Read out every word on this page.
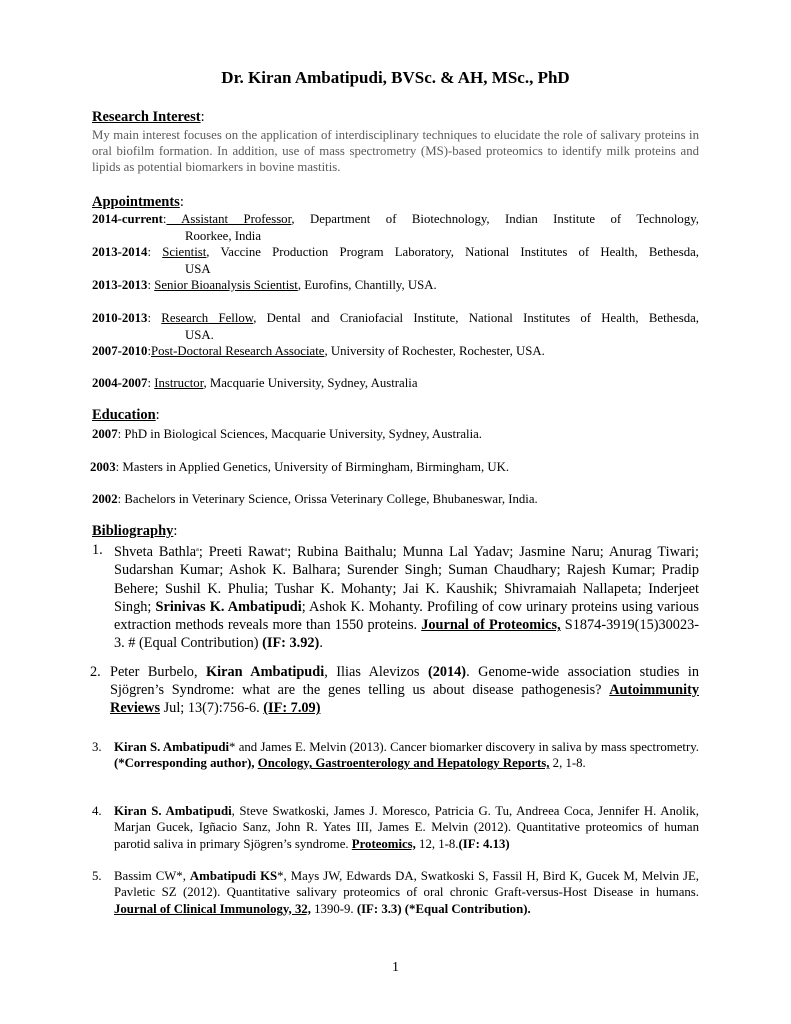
Dr. Kiran Ambatipudi, BVSc. & AH, MSc., PhD
Research Interest:
My main interest focuses on the application of interdisciplinary techniques to elucidate the role of salivary proteins in oral biofilm formation. In addition, use of mass spectrometry (MS)-based proteomics to identify milk proteins and lipids as potential biomarkers in bovine mastitis.
Appointments:
2014-current: Assistant Professor, Department of Biotechnology, Indian Institute of Technology,
Roorkee, India
2013-2014: Scientist, Vaccine Production Program Laboratory, National Institutes of Health, Bethesda,
USA
2013-2013: Senior Bioanalysis Scientist, Eurofins, Chantilly, USA.
2010-2013: Research Fellow, Dental and Craniofacial Institute, National Institutes of Health, Bethesda,
USA.
2007-2010:Post-Doctoral Research Associate, University of Rochester, Rochester, USA.
2004-2007: Instructor, Macquarie University, Sydney, Australia
Education:
2007: PhD in Biological Sciences, Macquarie University, Sydney, Australia.
2003: Masters in Applied Genetics, University of Birmingham, Birmingham, UK.
2002: Bachelors in Veterinary Science, Orissa Veterinary College, Bhubaneswar, India.
Bibliography:
1. Shveta Bathla$^a$; Preeti Rawat$^a$; Rubina Baithalu; Munna Lal Yadav; Jasmine Naru; Anurag Tiwari; Sudarshan Kumar; Ashok K. Balhara; Surender Singh; Suman Chaudhary; Rajesh Kumar; Pradip Behere; Sushil K. Phulia; Tushar K. Mohanty; Jai K. Kaushik; Shivramaiah Nallapeta; Inderjeet Singh; Srinivas K. Ambatipudi; Ashok K. Mohanty. Profiling of cow urinary proteins using various extraction methods reveals more than 1550 proteins. Journal of Proteomics, S1874-3919(15)30023-3. # (Equal Contribution) (IF: 3.92).
2. Peter Burbelo, Kiran Ambatipudi, Ilias Alevizos (2014). Genome-wide association studies in Sjögren’s Syndrome: what are the genes telling us about disease pathogenesis? Autoimmunity Reviews Jul; 13(7):756-6. (IF: 7.09)
3. Kiran S. Ambatipudi* and James E. Melvin (2013). Cancer biomarker discovery in saliva by mass spectrometry. (*Corresponding author), Oncology, Gastroenterology and Hepatology Reports, 2, 1-8.
4. Kiran S. Ambatipudi, Steve Swatkoski, James J. Moresco, Patricia G. Tu, Andreea Coca, Jennifer H. Anolik, Marjan Gucek, Igñacio Sanz, John R. Yates III, James E. Melvin (2012). Quantitative proteomics of human parotid saliva in primary Sjögren’s syndrome. Proteomics, 12, 1-8.(IF: 4.13)
5. Bassim CW*, Ambatipudi KS*, Mays JW, Edwards DA, Swatkoski S, Fassil H, Bird K, Gucek M, Melvin JE, Pavletic SZ (2012). Quantitative salivary proteomics of oral chronic Graft-versus-Host Disease in humans. Journal of Clinical Immunology, 32, 1390-9. (IF: 3.3) (*Equal Contribution).
1
